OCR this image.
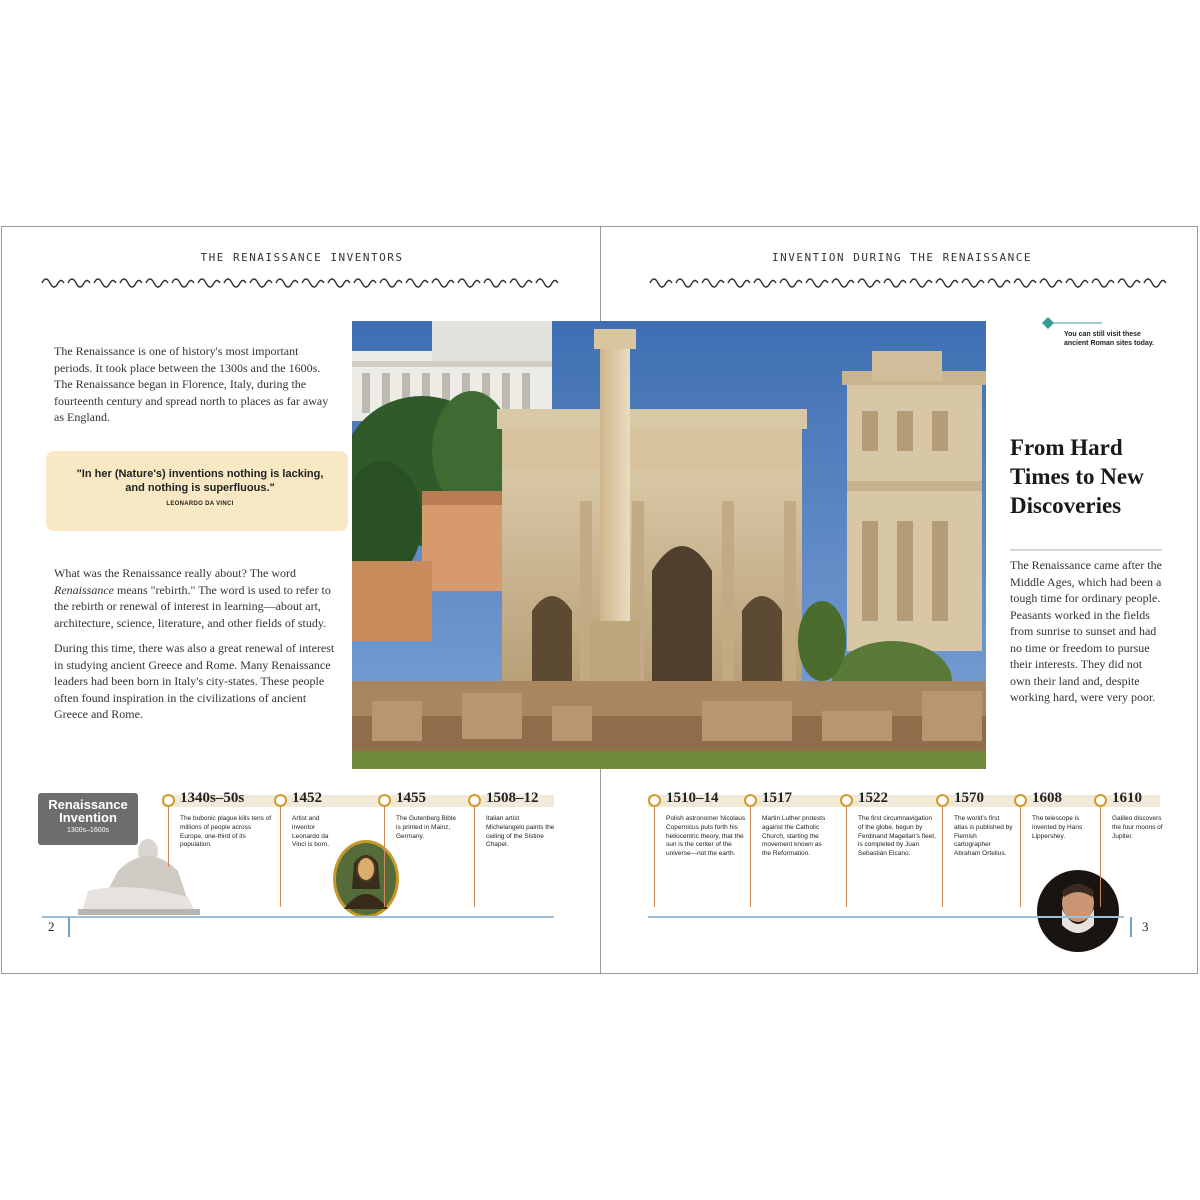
THE RENAISSANCE INVENTORS

The Renaissance is one of history's most important periods. It took place between the 1300s and the 1600s. The Renaissance began in Florence, Italy, during the fourteenth century and spread north to places as far away as England.

"In her (Nature's) inventions nothing is lacking, and nothing is superfluous."
LEONARDO DA VINCI

What was the Renaissance really about? The word Renaissance means "rebirth." The word is used to refer to the rebirth or renewal of interest in learning—about art, architecture, science, literature, and other fields of study.

During this time, there was also a great renewal of interest in studying ancient Greece and Rome. Many Renaissance leaders had been born in Italy's city-states. These people often found inspiration in the civilizations of ancient Greece and Rome.

INVENTION DURING THE RENAISSANCE
You can still visit these ancient Roman sites today.
From Hard Times to New Discoveries

The Renaissance came after the Middle Ages, which had been a tough time for ordinary people. Peasants worked in the fields from sunrise to sunset and had no time or freedom to pursue their interests. They did not own their land and, despite working hard, were very poor.

Renaissance Invention
1300s–1600s
2	3
1340s–50s
The bubonic plague kills tens of millions of people across Europe, one-third of its population.
1452
Artist and inventor Leonardo da Vinci is born.
1455
The Gutenberg Bible is printed in Mainz, Germany.
1508–12
Italian artist Michelangelo paints the ceiling of the Sistine Chapel.
1510–14
Polish astronomer Nicolaus Copernicus puts forth his heliocentric theory, that the sun is the center of the universe—not the earth.
1517
Martin Luther protests against the Catholic Church, starting the movement known as the Reformation.
1522
The first circumnavigation of the globe, begun by Ferdinand Magellan's fleet, is completed by Juan Sebastián Elcano.
1570
The world's first atlas is published by Flemish cartographer Abraham Ortelius.
1608
The telescope is invented by Hans Lippershey.
1610
Galileo discovers the four moons of Jupiter.
